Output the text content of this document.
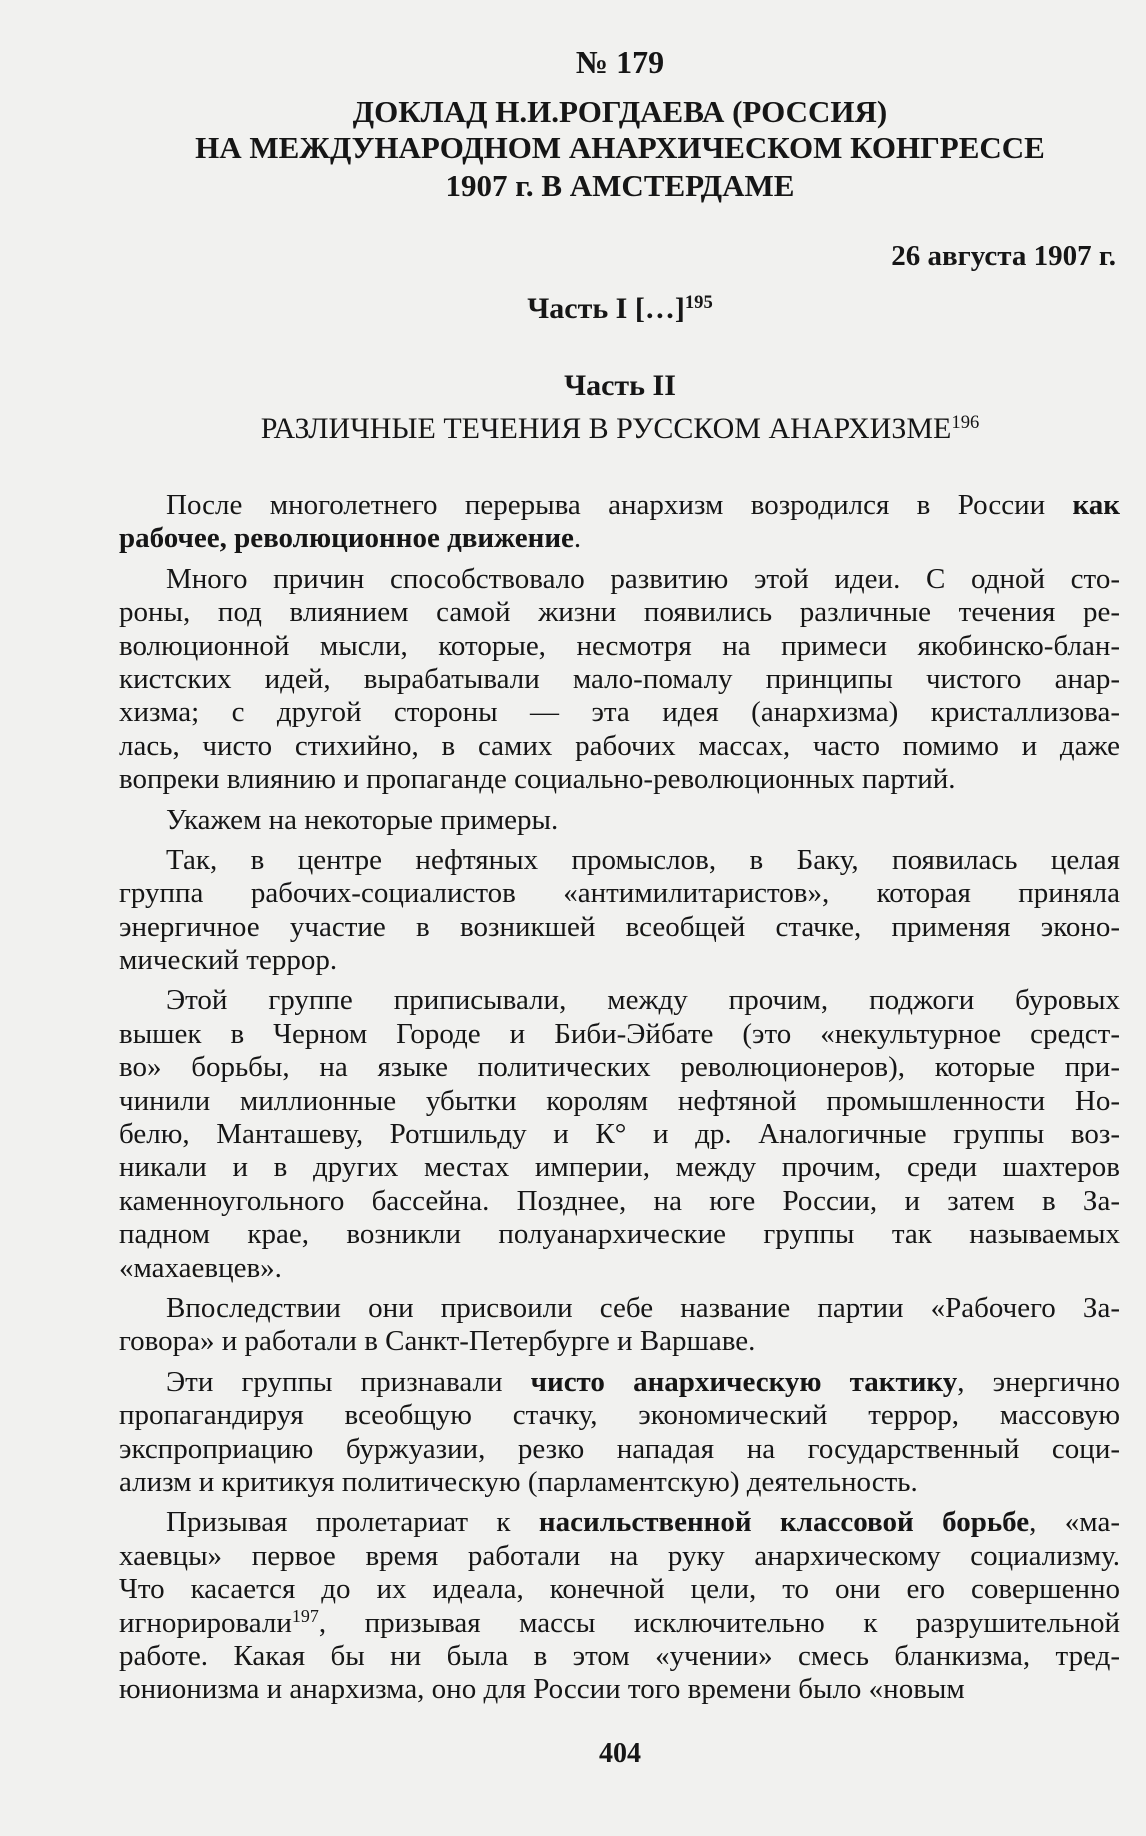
№ 179
ДОКЛАД Н.И.РОГДАЕВА (РОССИЯ)
НА МЕЖДУНАРОДНОМ АНАРХИЧЕСКОМ КОНГРЕССЕ
1907 г. В АМСТЕРДАМЕ
26 августа 1907 г.
Часть I […]$^{195}$
Часть II
РАЗЛИЧНЫЕ ТЕЧЕНИЯ В РУССКОМ АНАРХИЗМЕ$^{196}$
После многолетнего перерыва анархизм возродился в России как
рабочее, революционное движение.
Много причин способствовало развитию этой идеи. С одной сто-
роны, под влиянием самой жизни появились различные течения ре-
волюционной мысли, которые, несмотря на примеси якобинско-блан-
кистских идей, вырабатывали мало-помалу принципы чистого анар-
хизма; с другой стороны — эта идея (анархизма) кристаллизова-
лась, чисто стихийно, в самих рабочих массах, часто помимо и даже
вопреки влиянию и пропаганде социально-революционных партий.
Укажем на некоторые примеры.
Так, в центре нефтяных промыслов, в Баку, появилась целая
группа рабочих-социалистов «антимилитаристов», которая приняла
энергичное участие в возникшей всеобщей стачке, применяя эконо-
мический террор.
Этой группе приписывали, между прочим, поджоги буровых
вышек в Черном Городе и Биби-Эйбате (это «некультурное средст-
во» борьбы, на языке политических революционеров), которые при-
чинили миллионные убытки королям нефтяной промышленности Но-
белю, Манташеву, Ротшильду и К° и др. Аналогичные группы воз-
никали и в других местах империи, между прочим, среди шахтеров
каменноугольного бассейна. Позднее, на юге России, и затем в За-
падном крае, возникли полуанархические группы так называемых
«махаевцев».
Впоследствии они присвоили себе название партии «Рабочего За-
говора» и работали в Санкт-Петербурге и Варшаве.
Эти группы признавали чисто анархическую тактику, энергично
пропагандируя всеобщую стачку, экономический террор, массовую
экспроприацию буржуазии, резко нападая на государственный соци-
ализм и критикуя политическую (парламентскую) деятельность.
Призывая пролетариат к насильственной классовой борьбе, «ма-
хаевцы» первое время работали на руку анархическому социализму.
Что касается до их идеала, конечной цели, то они его совершенно
игнорировали$^{197}$, призывая массы исключительно к разрушительной
работе. Какая бы ни была в этом «учении» смесь бланкизма, тред-
юнионизма и анархизма, оно для России того времени было «новым
404
